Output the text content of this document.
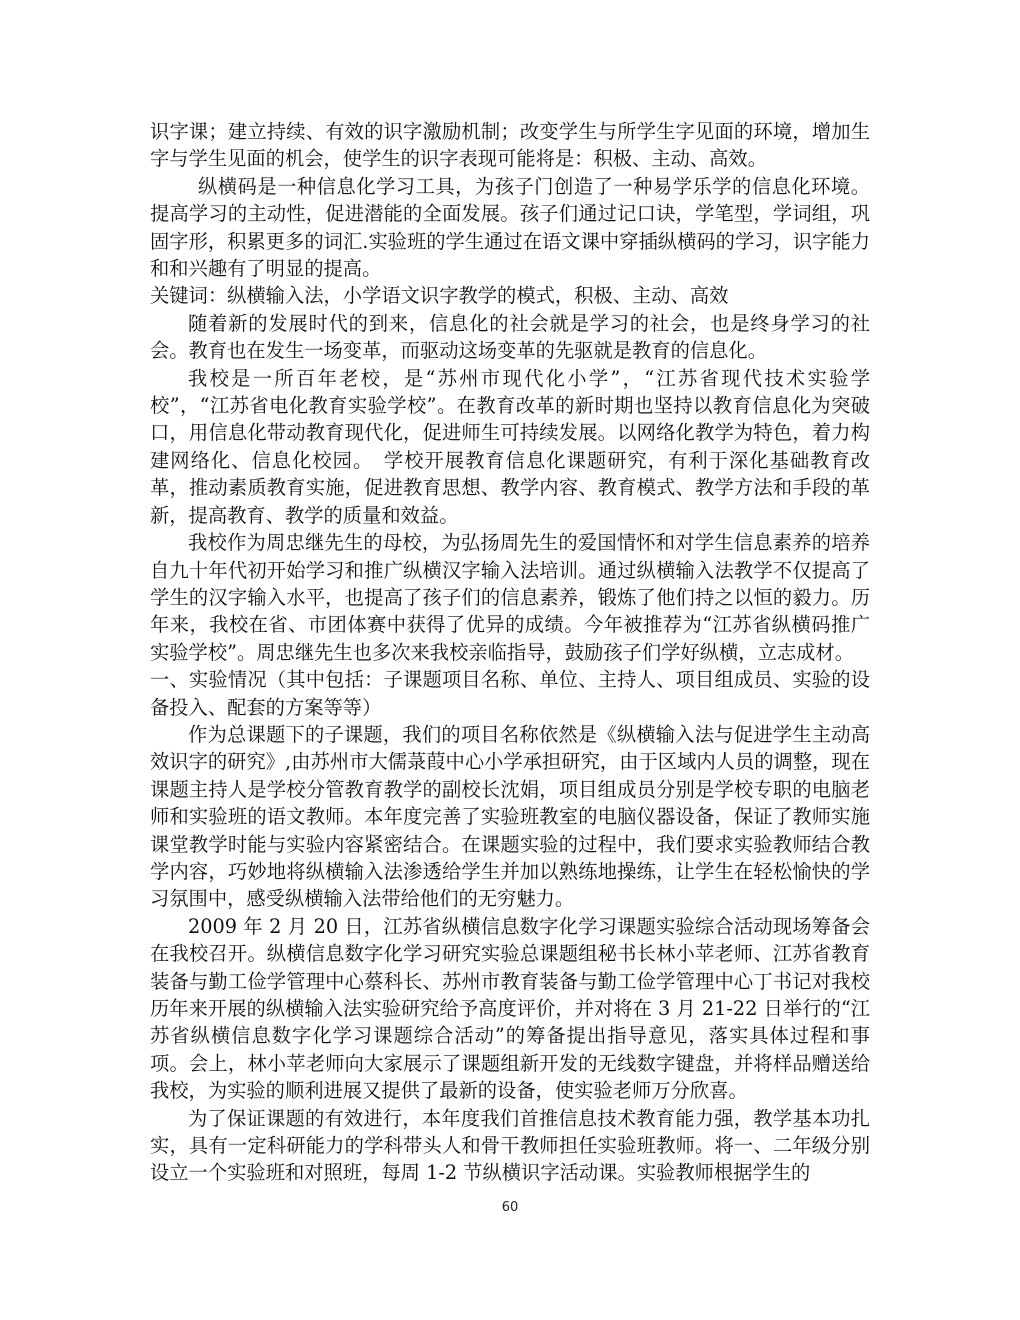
识字课；建立持续、有效的识字激励机制；改变学生与所学生字见面的环境，增加生字与学生见面的机会，使学生的识字表现可能将是：积极、主动、高效。

纵横码是一种信息化学习工具，为孩子门创造了一种易学乐学的信息化环境。提高学习的主动性，促进潜能的全面发展。孩子们通过记口诀，学笔型，学词组，巩固字形，积累更多的词汇.实验班的学生通过在语文课中穿插纵横码的学习，识字能力和和兴趣有了明显的提高。

关键词：纵横输入法，小学语文识字教学的模式，积极、主动、高效

随着新的发展时代的到来，信息化的社会就是学习的社会，也是终身学习的社会。教育也在发生一场变革，而驱动这场变革的先驱就是教育的信息化。

我校是一所百年老校，是“苏州市现代化小学”，“江苏省现代技术实验学校”，“江苏省电化教育实验学校”。在教育改革的新时期也坚持以教育信息化为突破口，用信息化带动教育现代化，促进师生可持续发展。以网络化教学为特色，着力构建网络化、信息化校园。　学校开展教育信息化课题研究，有利于深化基础教育改革，推动素质教育实施，促进教育思想、教学内容、教育模式、教学方法和手段的革新，提高教育、教学的质量和效益。

我校作为周忠继先生的母校，为弘扬周先生的爱国情怀和对学生信息素养的培养自九十年代初开始学习和推广纵横汉字输入法培训。通过纵横输入法教学不仅提高了学生的汉字输入水平，也提高了孩子们的信息素养，锻炼了他们持之以恒的毅力。历年来，我校在省、市团体赛中获得了优异的成绩。今年被推荐为“江苏省纵横码推广实验学校”。周忠继先生也多次来我校亲临指导，鼓励孩子们学好纵横，立志成材。

一、实验情况（其中包括：子课题项目名称、单位、主持人、项目组成员、实验的设备投入、配套的方案等等）

作为总课题下的子课题，我们的项目名称依然是《纵横输入法与促进学生主动高效识字的研究》,由苏州市大儒菉葭中心小学承担研究，由于区域内人员的调整，现在课题主持人是学校分管教育教学的副校长沈娟，项目组成员分别是学校专职的电脑老师和实验班的语文教师。本年度完善了实验班教室的电脑仪器设备，保证了教师实施课堂教学时能与实验内容紧密结合。在课题实验的过程中，我们要求实验教师结合教学内容，巧妙地将纵横输入法渗透给学生并加以熟练地操练，让学生在轻松愉快的学习氛围中，感受纵横输入法带给他们的无穷魅力。

2009 年 2 月 20 日，江苏省纵横信息数字化学习课题实验综合活动现场筹备会在我校召开。纵横信息数字化学习研究实验总课题组秘书长林小苹老师、江苏省教育装备与勤工俭学管理中心蔡科长、苏州市教育装备与勤工俭学管理中心丁书记对我校历年来开展的纵横输入法实验研究给予高度评价，并对将在 3 月 21-22 日举行的“江苏省纵横信息数字化学习课题综合活动”的筹备提出指导意见，落实具体过程和事项。会上，林小苹老师向大家展示了课题组新开发的无线数字键盘，并将样品赠送给我校，为实验的顺利进展又提供了最新的设备，使实验老师万分欣喜。

为了保证课题的有效进行，本年度我们首推信息技术教育能力强，教学基本功扎实，具有一定科研能力的学科带头人和骨干教师担任实验班教师。将一、二年级分别设立一个实验班和对照班，每周 1-2 节纵横识字活动课。实验教师根据学生的

60
